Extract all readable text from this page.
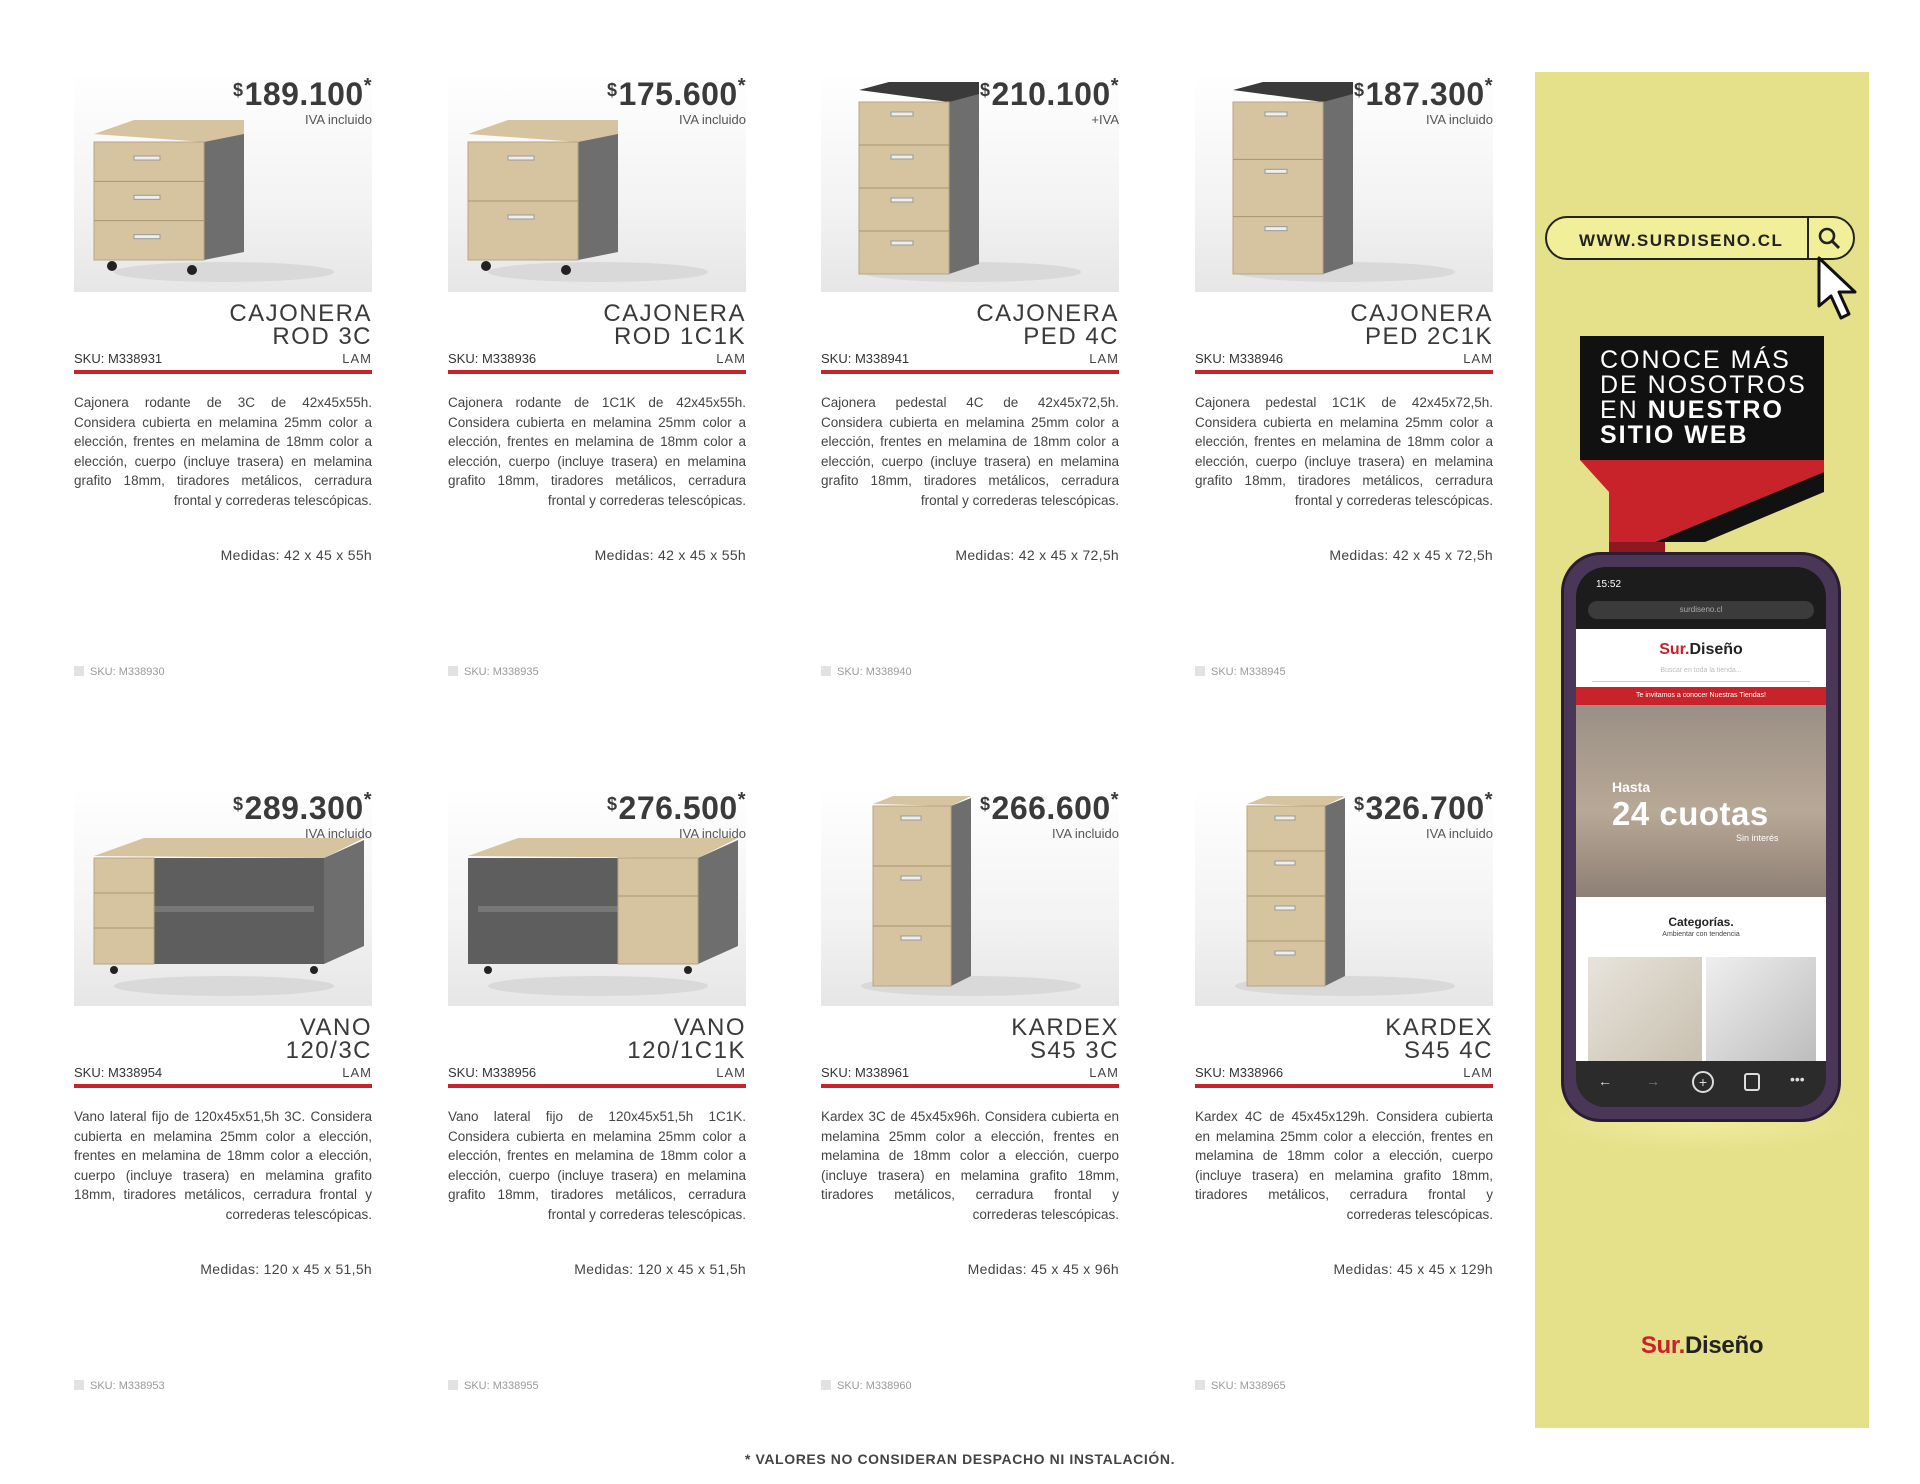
$189.100*
IVA incluido
CAJONERA
ROD 3C
SKU: M338931	LAM
Cajonera rodante de 3C de 42x45x55h. Considera cubierta en melamina 25mm color a elección, frentes en melamina de 18mm color a elección, cuerpo (incluye trasera) en melamina grafito 18mm, tiradores metálicos, cerradura frontal y correderas telescópicas.
Medidas: 42 x 45 x 55h
SKU: M338930
$175.600*
IVA incluido
CAJONERA
ROD 1C1K
SKU: M338936	LAM
Cajonera rodante de 1C1K de 42x45x55h. Considera cubierta en melamina 25mm color a elección, frentes en melamina de 18mm color a elección, cuerpo (incluye trasera) en melamina grafito 18mm, tiradores metálicos, cerradura frontal y correderas telescópicas.
Medidas: 42 x 45 x 55h
SKU: M338935
$210.100*
+IVA
CAJONERA
PED 4C
SKU: M338941	LAM
Cajonera pedestal 4C de 42x45x72,5h. Considera cubierta en melamina 25mm color a elección, frentes en melamina de 18mm color a elección, cuerpo (incluye trasera) en melamina grafito 18mm, tiradores metálicos, cerradura frontal y correderas telescópicas.
Medidas: 42 x 45 x 72,5h
SKU: M338940
$187.300*
IVA incluido
CAJONERA
PED 2C1K
SKU: M338946	LAM
Cajonera pedestal 1C1K de 42x45x72,5h. Considera cubierta en melamina 25mm color a elección, frentes en melamina de 18mm color a elección, cuerpo (incluye trasera) en melamina grafito 18mm, tiradores metálicos, cerradura frontal y correderas telescópicas.
Medidas: 42 x 45 x 72,5h
SKU: M338945
$289.300*
IVA incluido
VANO
120/3C
SKU: M338954	LAM
Vano lateral fijo de 120x45x51,5h 3C. Considera cubierta en melamina 25mm color a elección, frentes en melamina de 18mm color a elección, cuerpo (incluye trasera) en melamina grafito 18mm, tiradores metálicos, cerradura frontal y correderas telescópicas.
Medidas: 120 x 45 x 51,5h
SKU: M338953
$276.500*
IVA incluido
VANO
120/1C1K
SKU: M338956	LAM
Vano lateral fijo de 120x45x51,5h 1C1K. Considera cubierta en melamina 25mm color a elección, frentes en melamina de 18mm color a elección, cuerpo (incluye trasera) en melamina grafito 18mm, tiradores metálicos, cerradura frontal y correderas telescópicas.
Medidas: 120 x 45 x 51,5h
SKU: M338955
$266.600*
IVA incluido
KARDEX
S45 3C
SKU: M338961	LAM
Kardex 3C de 45x45x96h. Considera cubierta en melamina 25mm color a elección, frentes en melamina de 18mm color a elección, cuerpo (incluye trasera) en melamina grafito 18mm, tiradores metálicos, cerradura frontal y correderas telescópicas.
Medidas: 45 x 45 x 96h
SKU: M338960
$326.700*
IVA incluido
KARDEX
S45 4C
SKU: M338966	LAM
Kardex 4C de 45x45x129h. Considera cubierta en melamina 25mm color a elección, frentes en melamina de 18mm color a elección, cuerpo (incluye trasera) en melamina grafito 18mm, tiradores metálicos, cerradura frontal y correderas telescópicas.
Medidas: 45 x 45 x 129h
SKU: M338965
* VALORES NO CONSIDERAN DESPACHO NI INSTALACIÓN.
WWW.SURDISENO.CL
CONOCE MÁS
DE NOSOTROS
EN NUESTRO
SITIO WEB
15:52
surdiseno.cl
Sur.Diseño
Buscar en toda la tienda...
Te invitamos a conocer Nuestras Tiendas!
Hasta
24 cuotas
Sin interés
Categorías.
Ambientar con tendencia
← →	+	•••
Sur.Diseño
